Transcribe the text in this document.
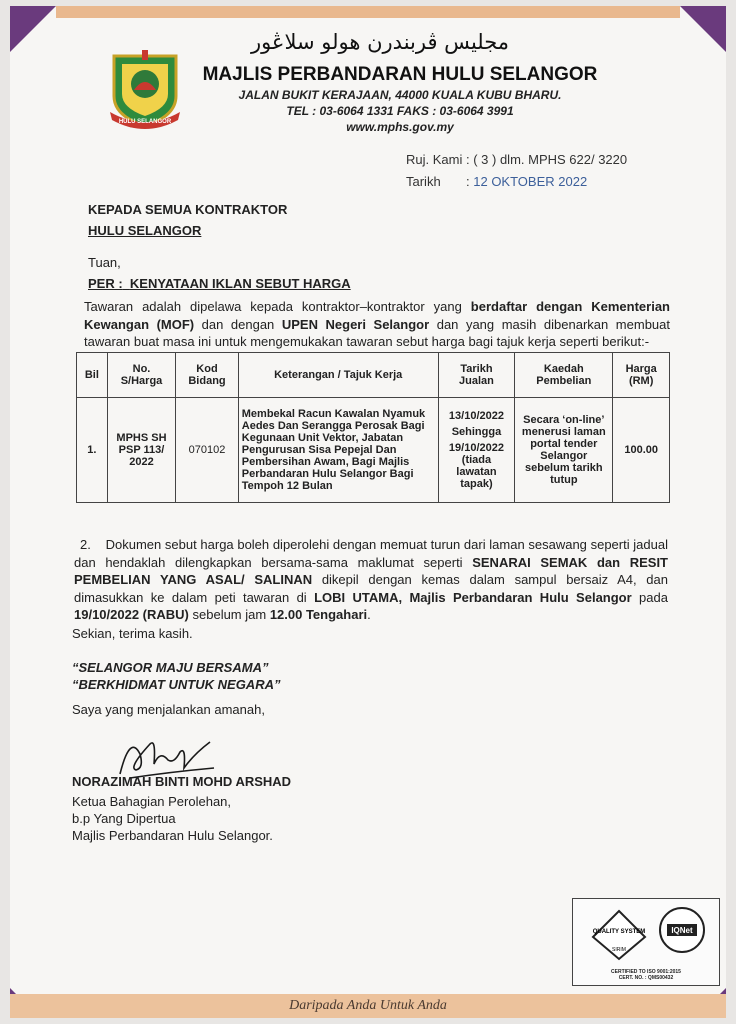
HULU SELANGOR
مجليس ڤربندرن هولو سلاڠور
MAJLIS PERBANDARAN HULU SELANGOR
JALAN BUKIT KERAJAAN, 44000 KUALA KUBU BHARU.
TEL : 03-6064 1331 FAKS : 03-6064 3991
www.mphs.gov.my
Ruj. Kami : ( 3 ) dlm. MPHS 622/ 3220
Tarikh : 12 OKTOBER 2022
KEPADA SEMUA KONTRAKTOR
HULU SELANGOR
Tuan,
PER : KENYATAAN IKLAN SEBUT HARGA
Tawaran adalah dipelawa kepada kontraktor–kontraktor yang berdaftar dengan Kementerian Kewangan (MOF) dan dengan UPEN Negeri Selangor dan yang masih dibenarkan membuat tawaran buat masa ini untuk mengemukakan tawaran sebut harga bagi tajuk kerja seperti berikut:-
Bil	No. S/Harga	Kod Bidang	Keterangan / Tajuk Kerja	Tarikh Jualan	Kaedah Pembelian	Harga (RM)
1.	MPHS SH PSP 113/ 2022	070102	Membekal Racun Kawalan Nyamuk Aedes Dan Serangga Perosak Bagi Kegunaan Unit Vektor, Jabatan Pengurusan Sisa Pepejal Dan Pembersihan Awam, Bagi Majlis Perbandaran Hulu Selangor Bagi Tempoh 12 Bulan	13/10/2022
Sehingga
19/10/2022
(tiada lawatan tapak)	Secara ‘on-line’ menerusi laman portal tender Selangor sebelum tarikh tutup	100.00
2. Dokumen sebut harga boleh diperolehi dengan memuat turun dari laman sesawang seperti jadual dan hendaklah dilengkapkan bersama-sama maklumat seperti SENARAI SEMAK dan RESIT PEMBELIAN YANG ASAL/ SALINAN dikepil dengan kemas dalam sampul bersaiz A4, dan dimasukkan ke dalam peti tawaran di LOBI UTAMA, Majlis Perbandaran Hulu Selangor pada 19/10/2022 (RABU) sebelum jam 12.00 Tengahari.
Sekian, terima kasih.
“SELANGOR MAJU BERSAMA”
“BERKHIDMAT UNTUK NEGARA”
Saya yang menjalankan amanah,
NORAZIMAH BINTI MOHD ARSHAD
Ketua Bahagian Perolehan,
b.p Yang Dipertua
Majlis Perbandaran Hulu Selangor.
QUALITY SYSTEM
SIRIM
IQNet
CERTIFIED TO ISO 9001:2015
CERT. NO. : QMS00432
Daripada Anda Untuk Anda
